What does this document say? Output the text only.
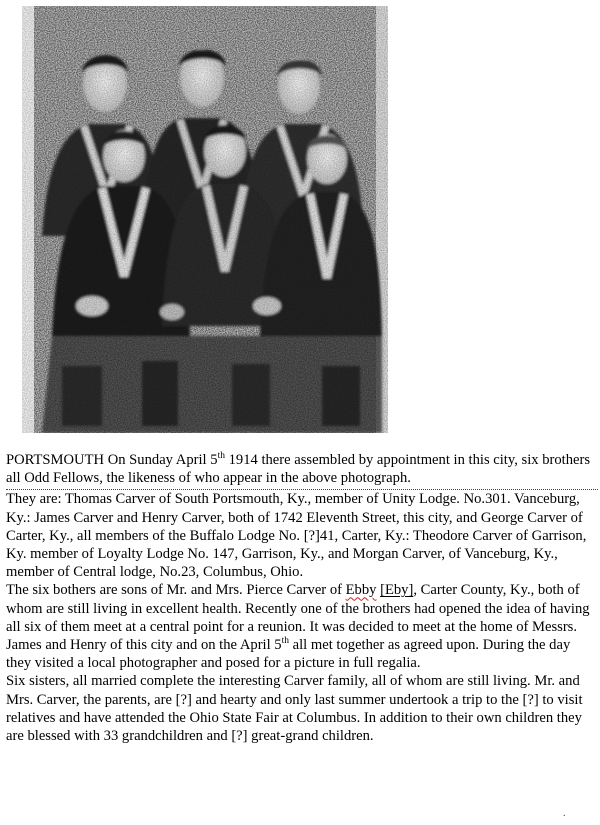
PORTSMOUTH On Sunday April 5th 1914 there assembled by appointment in this city, six brothers all Odd Fellows, the likeness of who appear in the above photograph.

They are: Thomas Carver of South Portsmouth, Ky., member of Unity Lodge. No.301. Vanceburg, Ky.: James Carver and Henry Carver, both of 1742 Eleventh Street, this city, and George Carver of Carter, Ky., all members of the Buffalo Lodge No. [?]41, Carter, Ky.: Theodore Carver of Garrison, Ky. member of Loyalty Lodge No. 147, Garrison, Ky., and Morgan Carver, of Vanceburg, Ky., member of Central lodge, No.23, Columbus, Ohio.

The six bothers are sons of Mr. and Mrs. Pierce Carver of Ebby [Eby], Carter County, Ky., both of whom are still living in excellent health. Recently one of the brothers had opened the idea of having all six of them meet at a central point for a reunion. It was decided to meet at the home of Messrs. James and Henry of this city and on the April 5th all met together as agreed upon. During the day they visited a local photographer and posed for a picture in full regalia.

Six sisters, all married complete the interesting Carver family, all of whom are still living. Mr. and Mrs. Carver, the parents, are [?] and hearty and only last summer undertook a trip to the [?] to visit relatives and have attended the Ohio State Fair at Columbus. In addition to their own children they are blessed with 33 grandchildren and [?] great-grand children.

.
